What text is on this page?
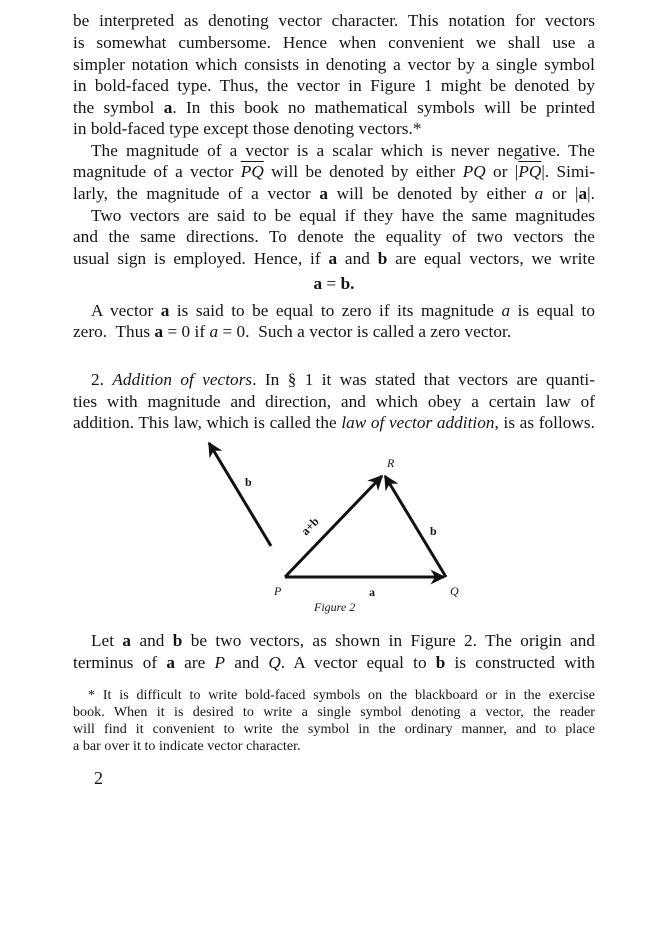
be interpreted as denoting vector character. This notation for vectors
is somewhat cumbersome. Hence when convenient we shall use a
simpler notation which consists in denoting a vector by a single symbol
in bold-faced type. Thus, the vector in Figure 1 might be denoted by
the symbol a. In this book no mathematical symbols will be printed
in bold-faced type except those denoting vectors.*
The magnitude of a vector is a scalar which is never negative. The
magnitude of a vector $\overline{PQ}$ will be denoted by either PQ or $|\overline{PQ}|$. Simi-
larly, the magnitude of a vector a will be denoted by either a or |a|.
Two vectors are said to be equal if they have the same magnitudes
and the same directions. To denote the equality of two vectors the
usual sign is employed. Hence, if a and b are equal vectors, we write
a = b.
A vector a is said to be equal to zero if its magnitude a is equal to
zero.  Thus a = 0 if a = 0.  Such a vector is called a zero vector.
2. Addition of vectors. In § 1 it was stated that vectors are quanti-
ties with magnitude and direction, and which obey a certain law of
addition. This law, which is called the law of vector addition, is as follows.
b
R
a+b	b
P	a	Q
Figure 2
Let a and b be two vectors, as shown in Figure 2. The origin and
terminus of a are P and Q. A vector equal to b is constructed with
* It is difficult to write bold-faced symbols on the blackboard or in the exercise
book. When it is desired to write a single symbol denoting a vector, the reader
will find it convenient to write the symbol in the ordinary manner, and to place
a bar over it to indicate vector character.
2
